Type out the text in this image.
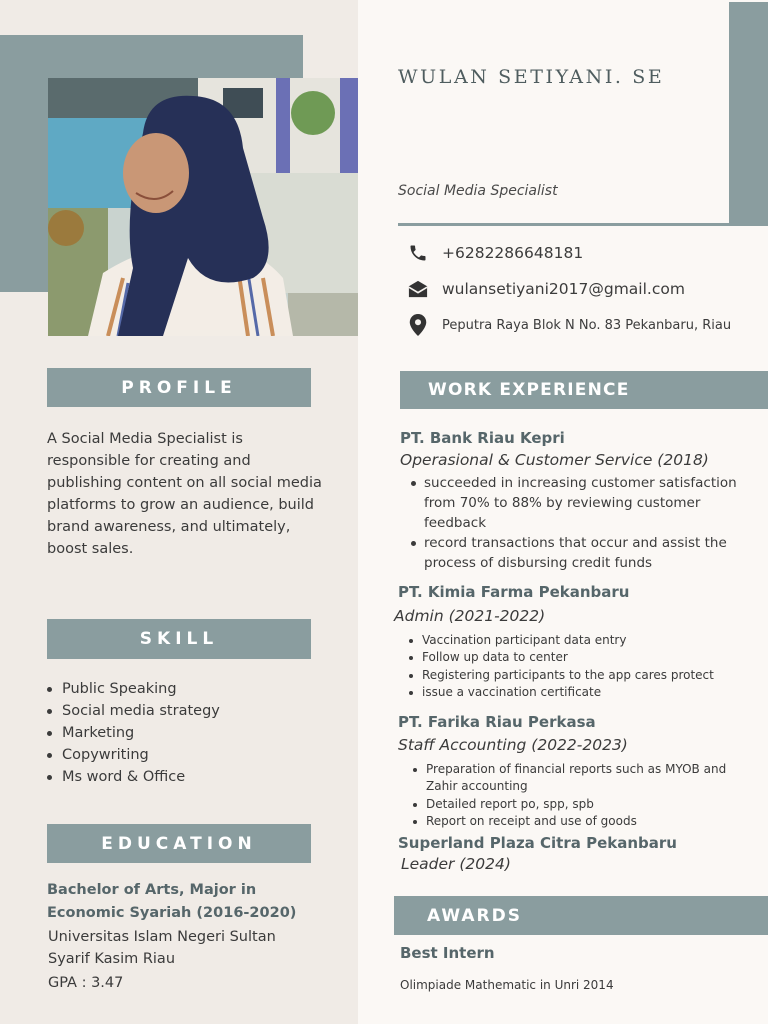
WULAN SETIYANI. SE
Social Media Specialist
+6282286648181
wulansetiyani2017@gmail.com
Peputra Raya Blok N No. 83 Pekanbaru, Riau
PROFILE

A Social Media Specialist is responsible for creating and publishing content on all social media platforms to grow an audience, build brand awareness, and ultimately, boost sales.

SKILL
Public Speaking
Social media strategy
Marketing
Copywriting
Ms word & Office
EDUCATION
Bachelor of Arts, Major in Economic Syariah (2016-2020)
Universitas Islam Negeri Sultan
Syarif Kasim Riau
GPA : 3.47
WORK EXPERIENCE
PT. Bank Riau Kepri
Operasional & Customer Service (2018)
succeeded in increasing customer satisfaction from 70% to 88% by reviewing customer feedback
record transactions that occur and assist the process of disbursing credit funds
PT. Kimia Farma Pekanbaru
Admin (2021-2022)
Vaccination participant data entry
Follow up data to center
Registering participants to the app cares protect
issue a vaccination certificate
PT. Farika Riau Perkasa
Staff Accounting (2022-2023)
Preparation of financial reports such as MYOB and Zahir accounting
Detailed report po, spp, spb
Report on receipt and use of goods
Superland Plaza Citra Pekanbaru
Leader (2024)
AWARDS
Best Intern
Olimpiade Mathematic in Unri 2014
